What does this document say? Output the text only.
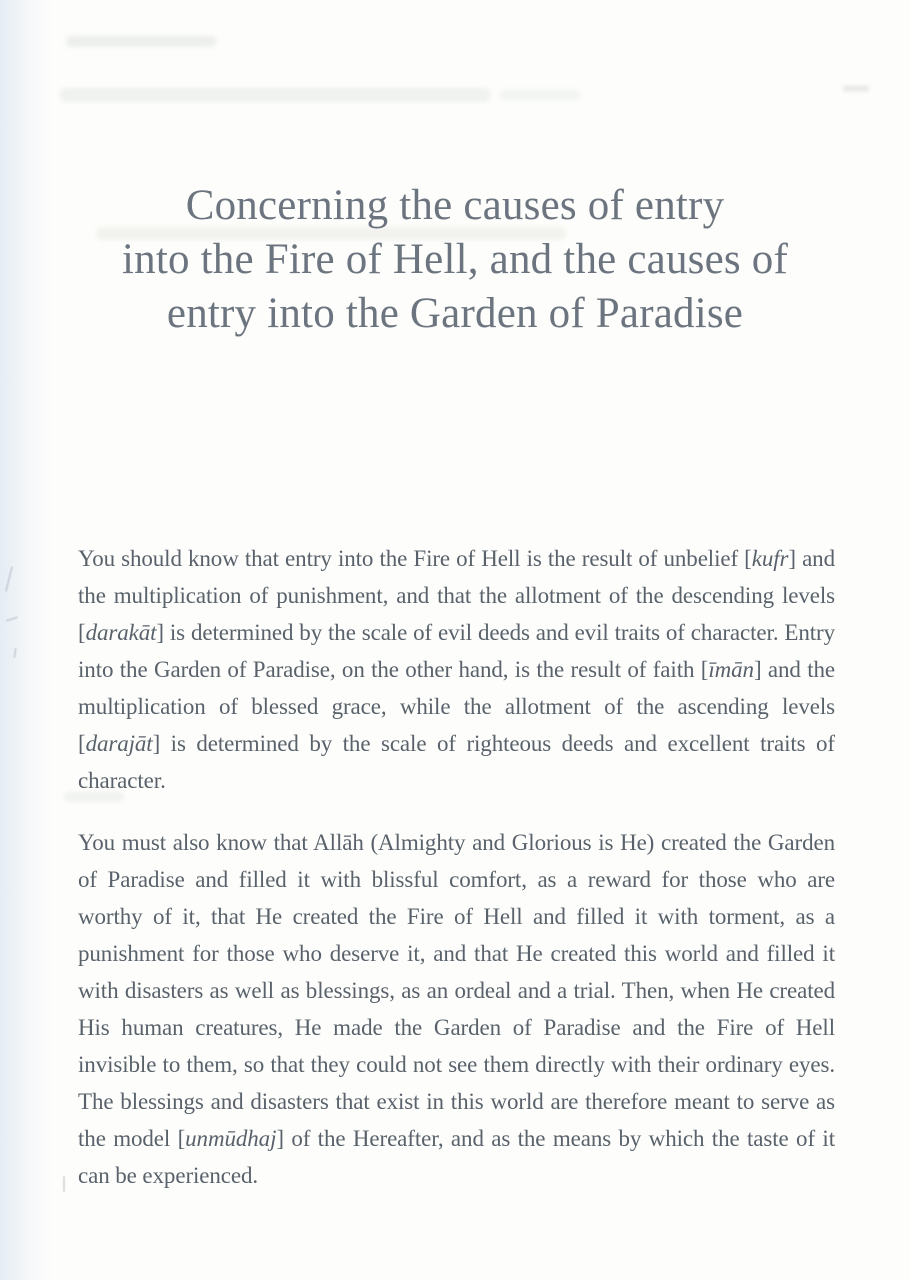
Concerning the causes of entry
into the Fire of Hell, and the causes of
entry into the Garden of Paradise

You should know that entry into the Fire of Hell is the result of unbelief [kufr] and the multiplication of punishment, and that the allotment of the descending levels [darakāt] is determined by the scale of evil deeds and evil traits of character. Entry into the Garden of Paradise, on the other hand, is the result of faith [īmān] and the multiplication of blessed grace, while the allotment of the ascending levels [darajāt] is determined by the scale of righteous deeds and excellent traits of character.

You must also know that Allāh (Almighty and Glorious is He) created the Garden of Paradise and filled it with blissful comfort, as a reward for those who are worthy of it, that He created the Fire of Hell and filled it with torment, as a punishment for those who deserve it, and that He created this world and filled it with disasters as well as blessings, as an ordeal and a trial. Then, when He created His human creatures, He made the Garden of Paradise and the Fire of Hell invisible to them, so that they could not see them directly with their ordinary eyes. The blessings and disasters that exist in this world are therefore meant to serve as the model [unmūdhaj] of the Hereafter, and as the means by which the taste of it can be experienced.
